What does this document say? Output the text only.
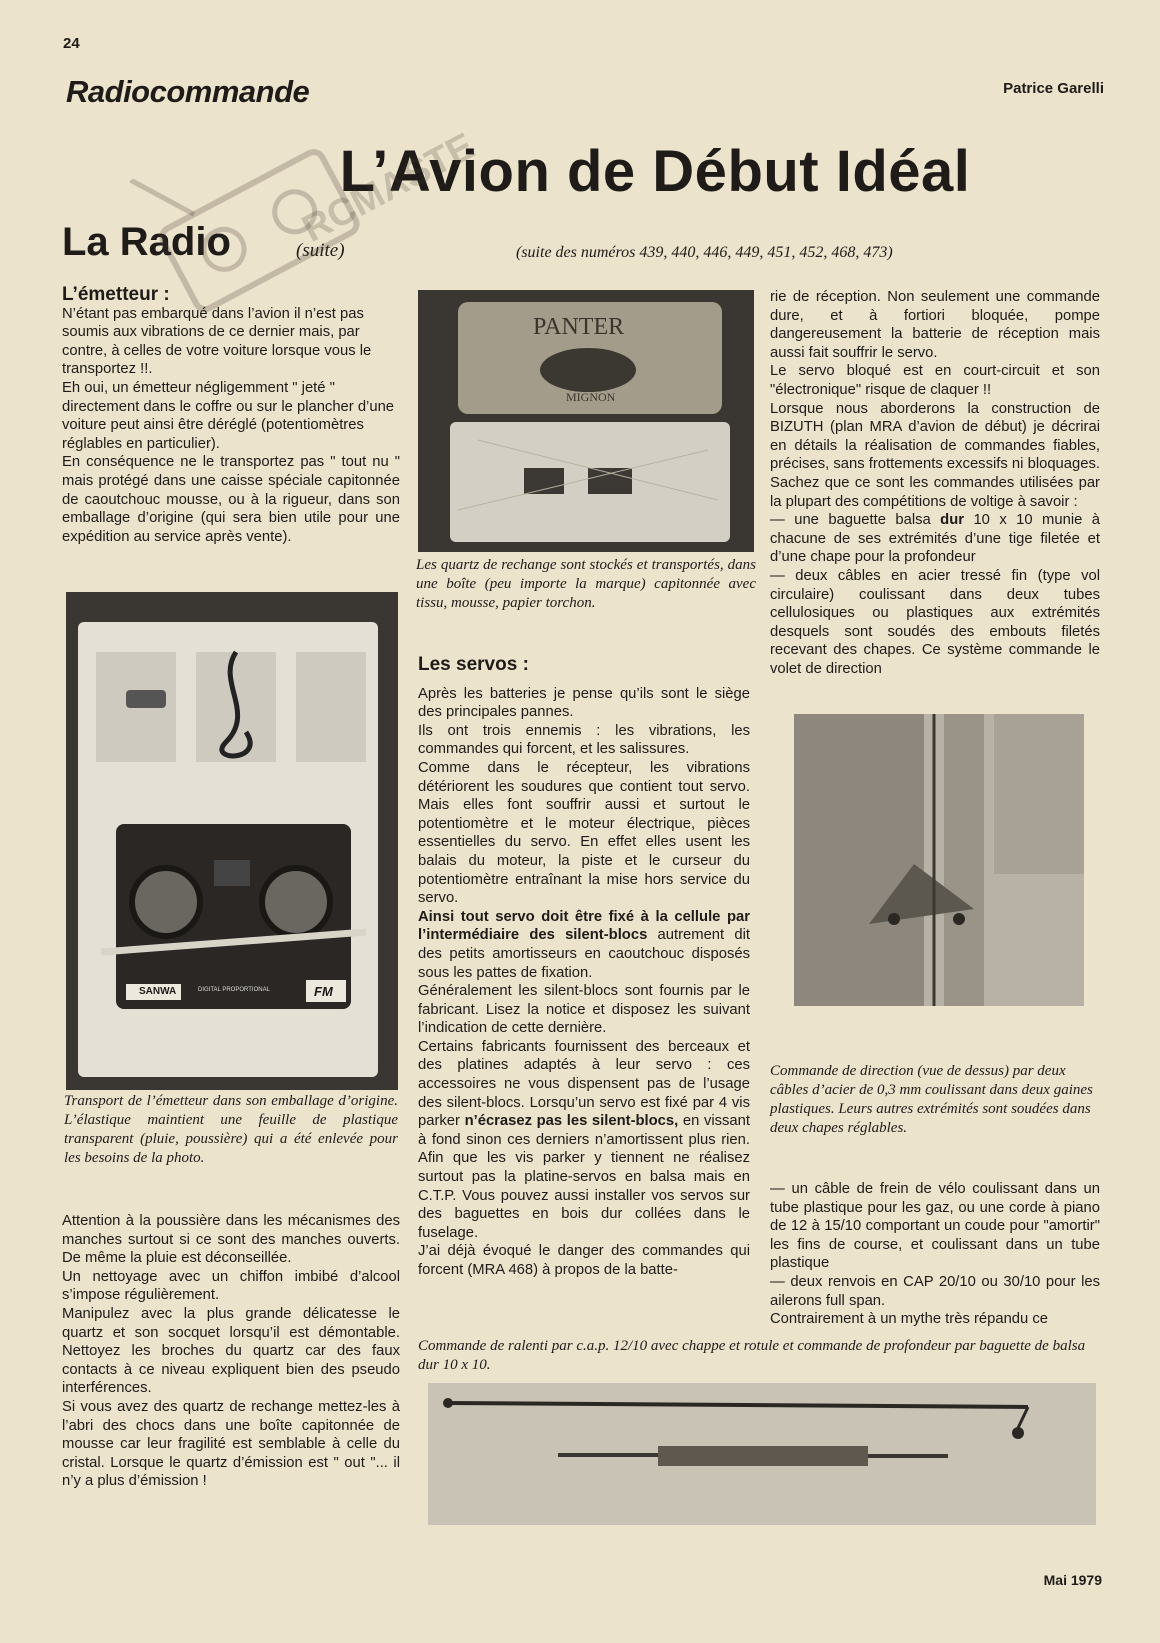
24
Radiocommande	Patrice Garelli
L’Avion de Début Idéal
La Radio	(suite)	(suite des numéros 439, 440, 446, 449, 451, 452, 468, 473)
RCMASTER.COM

L’émetteur :

N’étant pas embarqué dans l’avion il n’est pas soumis aux vibrations de ce dernier mais, par contre, à celles de votre voiture lorsque vous le transportez !!.

Eh oui, un émetteur négligemment " jeté " directement dans le coffre ou sur le plancher d’une voiture peut ainsi être déréglé (potentiomètres réglables en particulier).

En conséquence ne le transportez pas " tout nu " mais protégé dans une caisse spéciale capitonnée de caoutchouc mousse, ou à la rigueur, dans son emballage d’origine (qui sera bien utile pour une expédition au service après vente).

SANWA	FM
DIGITAL PROPORTIONAL
Transport de l’émetteur dans son emballage d’origine. L’élastique maintient une feuille de plastique transparent (pluie, poussière) qui a été enlevée pour les besoins de la photo.

Attention à la poussière dans les mécanismes des manches surtout si ce sont des manches ouverts. De même la pluie est déconseillée.

Un nettoyage avec un chiffon imbibé d’alcool s’impose régulièrement.

Manipulez avec la plus grande délicatesse le quartz et son socquet lorsqu’il est démontable. Nettoyez les broches du quartz car des faux contacts à ce niveau expliquent bien des pseudo interférences.

Si vous avez des quartz de rechange mettez-les à l’abri des chocs dans une boîte capitonnée de mousse car leur fragilité est semblable à celle du cristal. Lorsque le quartz d’émission est " out "... il n’y a plus d’émission !

PANTER
MIGNON
Les quartz de rechange sont stockés et transportés, dans une boîte (peu importe la marque) capitonnée avec tissu, mousse, papier torchon.

Les servos :

Après les batteries je pense qu’ils sont le siège des principales pannes.

Ils ont trois ennemis : les vibrations, les commandes qui forcent, et les salissures.

Comme dans le récepteur, les vibrations détériorent les soudures que contient tout servo. Mais elles font souffrir aussi et surtout le potentiomètre et le moteur électrique, pièces essentielles du servo. En effet elles usent les balais du moteur, la piste et le curseur du potentiomètre entraînant la mise hors service du servo.

Ainsi tout servo doit être fixé à la cellule par l’intermédiaire des silent-blocs autrement dit des petits amortisseurs en caoutchouc disposés sous les pattes de fixation.

Généralement les silent-blocs sont fournis par le fabricant. Lisez la notice et disposez les suivant l’indication de cette dernière.

Certains fabricants fournissent des berceaux et des platines adaptés à leur servo : ces accessoires ne vous dispensent pas de l’usage des silent-blocs. Lorsqu’un servo est fixé par 4 vis parker n’écrasez pas les silent-blocs, en vissant à fond sinon ces derniers n’amortissent plus rien. Afin que les vis parker y tiennent ne réalisez surtout pas la platine-servos en balsa mais en C.T.P. Vous pouvez aussi installer vos servos sur des baguettes en bois dur collées dans le fuselage.

J’ai déjà évoqué le danger des commandes qui forcent (MRA 468) à propos de la batte-

rie de réception. Non seulement une commande dure, et à fortiori bloquée, pompe dangereusement la batterie de réception mais aussi fait souffrir le servo.

Le servo bloqué est en court-circuit et son "électronique" risque de claquer !!

Lorsque nous aborderons la construction de BIZUTH (plan MRA d’avion de début) je décrirai en détails la réalisation de commandes fiables, précises, sans frottements excessifs ni bloquages. Sachez que ce sont les commandes utilisées par la plupart des compétitions de voltige à savoir :

— une baguette balsa dur 10 x 10 munie à chacune de ses extrémités d’une tige filetée et d’une chape pour la profondeur

— deux câbles en acier tressé fin (type vol circulaire) coulissant dans deux tubes cellulosiques ou plastiques aux extrémités desquels sont soudés des embouts filetés recevant des chapes. Ce système commande le volet de direction

Commande de direction (vue de dessus) par deux câbles d’acier de 0,3 mm coulissant dans deux gaines plastiques. Leurs autres extrémités sont soudées dans deux chapes réglables.

— un câble de frein de vélo coulissant dans un tube plastique pour les gaz, ou une corde à piano de 12 à 15/10 comportant un coude pour "amortir" les fins de course, et coulissant dans un tube plastique

— deux renvois en CAP 20/10 ou 30/10 pour les ailerons full span.

Contrairement à un mythe très répandu ce

Commande de ralenti par c.a.p. 12/10 avec chappe et rotule et commande de profondeur par baguette de balsa dur 10 x 10.
Mai 1979
